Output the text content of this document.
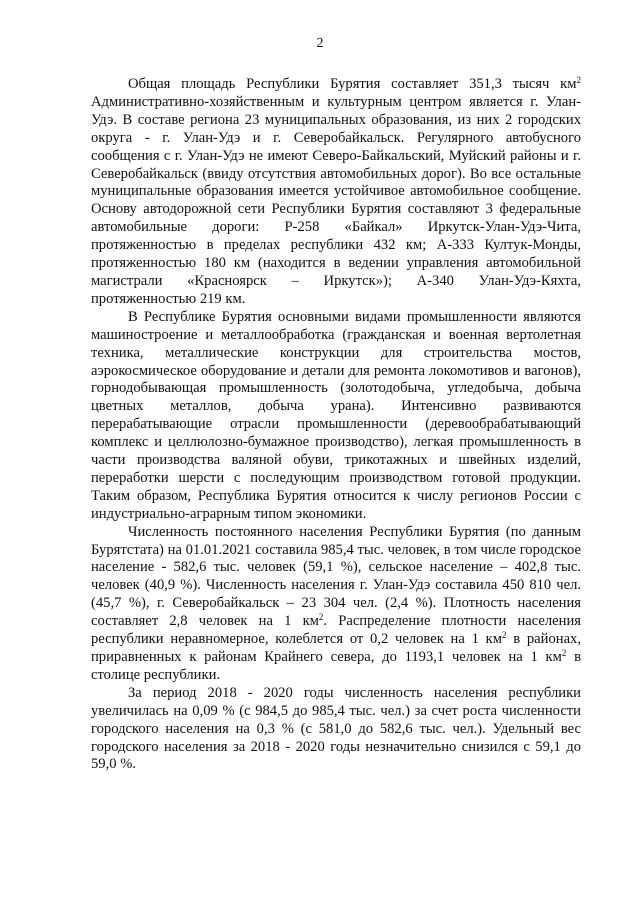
2

Общая площадь Республики Бурятия составляет 351,3 тысяч $км^2$ Административно-хозяйственным и культурным центром является г. Улан-Удэ. В составе региона 23 муниципальных образования, из них 2 городских округа - г. Улан-Удэ и г. Северобайкальск. Регулярного автобусного сообщения с г. Улан-Удэ не имеют Северо-Байкальский, Муйский районы и г. Северобайкальск (ввиду отсутствия автомобильных дорог). Во все остальные муниципальные образования имеется устойчивое автомобильное сообщение. Основу автодорожной сети Республики Бурятия составляют 3 федеральные автомобильные дороги: Р-258 «Байкал» Иркутск-Улан-Удэ-Чита, протяженностью в пределах республики 432 км; А-333 Култук-Монды, протяженностью 180 км (находится в ведении управления автомобильной магистрали «Красноярск – Иркутск»); А-340 Улан-Удэ-Кяхта, протяженностью 219 км.

В Республике Бурятия основными видами промышленности являются машиностроение и металлообработка (гражданская и военная вертолетная техника, металлические конструкции для строительства мостов, аэрокосмическое оборудование и детали для ремонта локомотивов и вагонов), горнодобывающая промышленность (золотодобыча, угледобыча, добыча цветных металлов, добыча урана). Интенсивно развиваются перерабатывающие отрасли промышленности (деревообрабатывающий комплекс и целлюлозно-бумажное производство), легкая промышленность в части производства валяной обуви, трикотажных и швейных изделий, переработки шерсти с последующим производством готовой продукции. Таким образом, Республика Бурятия относится к числу регионов России с индустриально-аграрным типом экономики.

Численность постоянного населения Республики Бурятия (по данным Бурятстата) на 01.01.2021 составила 985,4 тыс. человек, в том числе городское население - 582,6 тыс. человек (59,1 %), сельское население – 402,8 тыс. человек (40,9 %). Численность населения г. Улан-Удэ составила 450 810 чел. (45,7 %), г. Северобайкальск – 23 304 чел. (2,4 %). Плотность населения составляет 2,8 человек на 1 $км^2$. Распределение плотности населения республики неравномерное, колеблется от 0,2 человек на 1 $км^2$ в районах, приравненных к районам Крайнего севера, до 1193,1 человек на 1 $км^2$ в столице республики.

За период 2018 - 2020 годы численность населения республики увеличилась на 0,09 % (с 984,5 до 985,4 тыс. чел.) за счет роста численности городского населения на 0,3 % (с 581,0 до 582,6 тыс. чел.). Удельный вес городского населения за 2018 - 2020 годы незначительно снизился с 59,1 до 59,0 %.
